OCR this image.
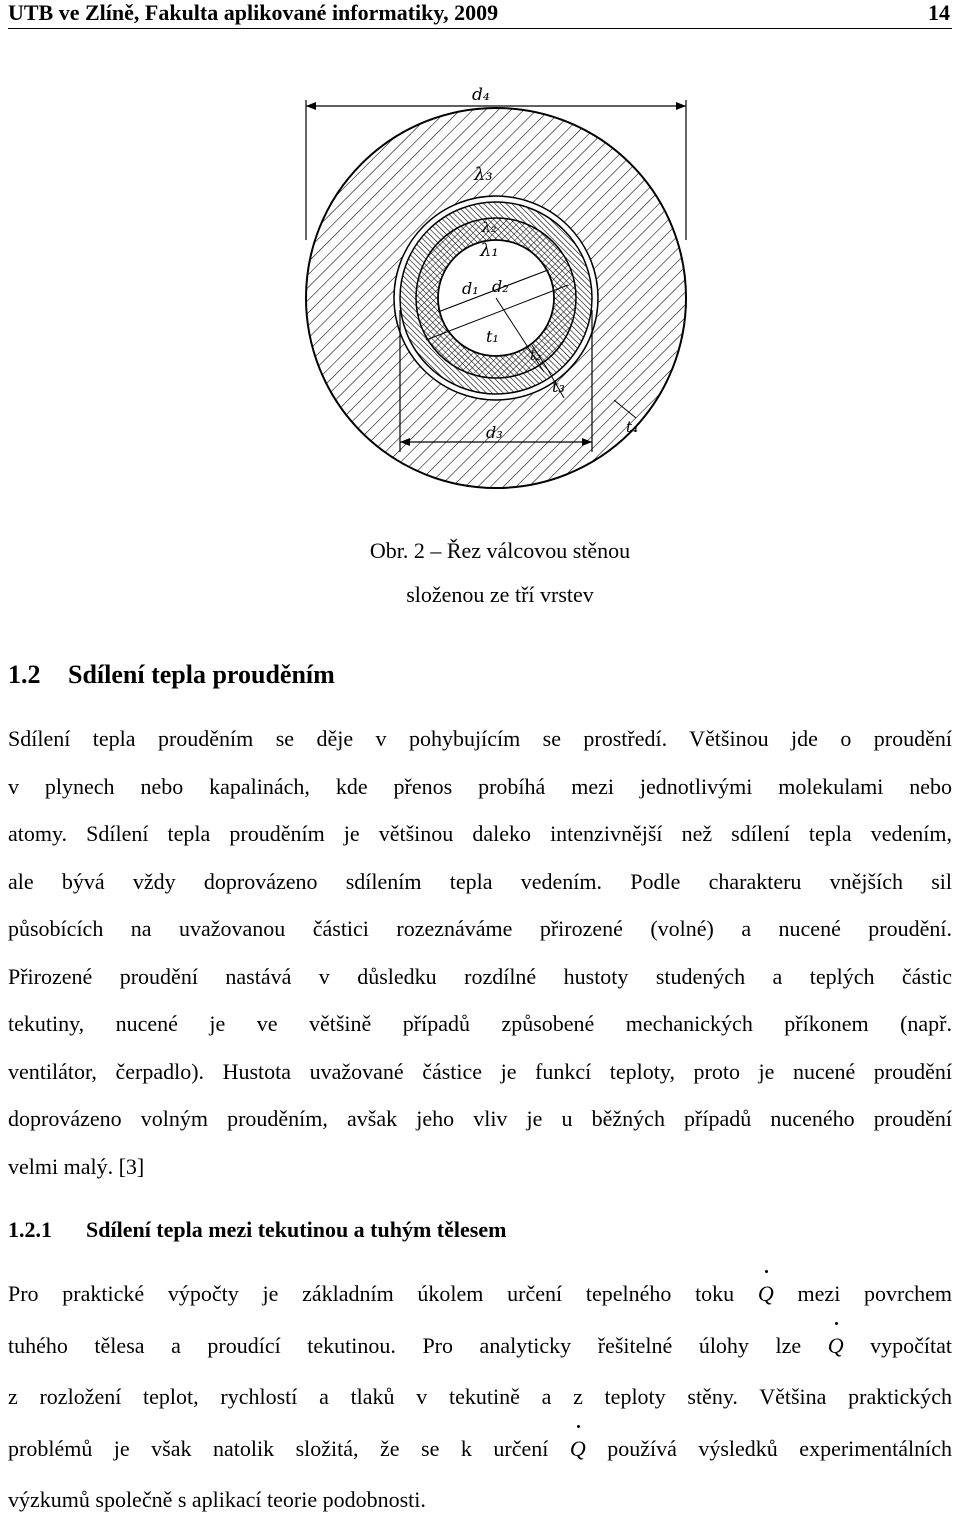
UTB ve Zlíně, Fakulta aplikované informatiky, 2009	14
d₄
λ₃
λ₂
λ₁
d₁ d₂
t₁
t₂
t₃
d₃	t₄
Obr. 2 – Řez válcovou stěnou
složenou ze tří vrstev
1.2 Sdílení tepla prouděním
Sdílení tepla prouděním se děje v pohybujícím se prostředí. Většinou jde o proudění
v plynech nebo kapalinách, kde přenos probíhá mezi jednotlivými molekulami nebo
atomy. Sdílení tepla prouděním je většinou daleko intenzivnější než sdílení tepla vedením,
ale bývá vždy doprovázeno sdílením tepla vedením. Podle charakteru vnějších sil
působících na uvažovanou částici rozeznáváme přirozené (volné) a nucené proudění.
Přirozené proudění nastává v důsledku rozdílné hustoty studených a teplých částic
tekutiny, nucené je ve většině případů způsobené mechanických příkonem (např.
ventilátor, čerpadlo). Hustota uvažované částice je funkcí teploty, proto je nucené proudění
doprovázeno volným prouděním, avšak jeho vliv je u běžných případů nuceného proudění
velmi malý. [3]
1.2.1 Sdílení tepla mezi tekutinou a tuhým tělesem
Pro praktické výpočty je základním úkolem určení tepelného toku Q mezi povrchem
tuhého tělesa a proudící tekutinou. Pro analyticky řešitelné úlohy lze Q vypočítat
z rozložení teplot, rychlostí a tlaků v tekutině a z teploty stěny. Většina praktických
problémů je však natolik složitá, že se k určení Q používá výsledků experimentálních
výzkumů společně s aplikací teorie podobnosti.
